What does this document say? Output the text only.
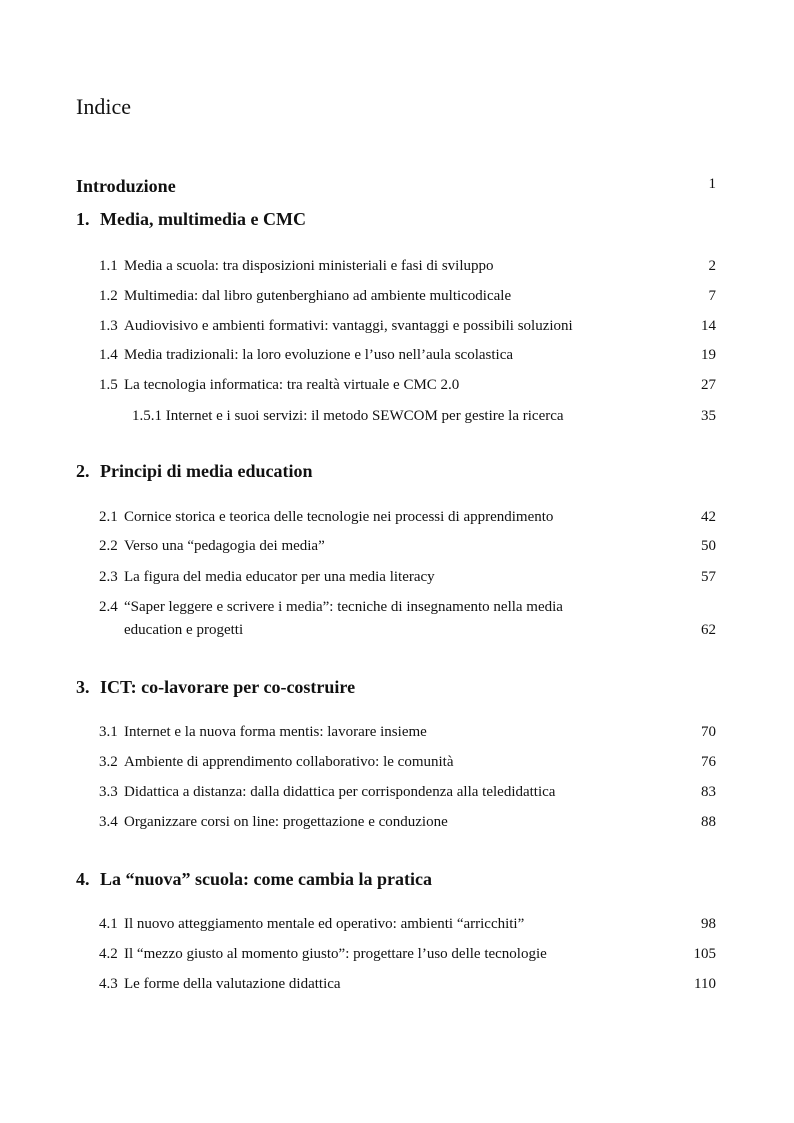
Indice
Introduzione	1
1. Media, multimedia e CMC
1.1 Media a scuola: tra disposizioni ministeriali e fasi di sviluppo	2
1.2 Multimedia: dal libro gutenberghiano ad ambiente multicodicale	7
1.3 Audiovisivo e ambienti formativi: vantaggi, svantaggi e possibili soluzioni	14
1.4 Media tradizionali: la loro evoluzione e l’uso nell’aula scolastica	19
1.5 La tecnologia informatica: tra realtà virtuale e CMC 2.0	27
1.5.1 Internet e i suoi servizi: il metodo SEWCOM per gestire la ricerca	35
2. Principi di media education
2.1 Cornice storica e teorica delle tecnologie nei processi di apprendimento	42
2.2 Verso una “pedagogia dei media”	50
2.3 La figura del media educator per una media literacy	57
2.4 “Saper leggere e scrivere i media”: tecniche di insegnamento nella media
education e progetti	62
3. ICT: co-lavorare per co-costruire
3.1 Internet e la nuova forma mentis: lavorare insieme	70
3.2 Ambiente di apprendimento collaborativo: le comunità	76
3.3 Didattica a distanza: dalla didattica per corrispondenza alla teledidattica	83
3.4 Organizzare corsi on line: progettazione e conduzione	88
4. La “nuova” scuola: come cambia la pratica
4.1 Il nuovo atteggiamento mentale ed operativo: ambienti “arricchiti”	98
4.2 Il “mezzo giusto al momento giusto”: progettare l’uso delle tecnologie	105
4.3 Le forme della valutazione didattica	110
